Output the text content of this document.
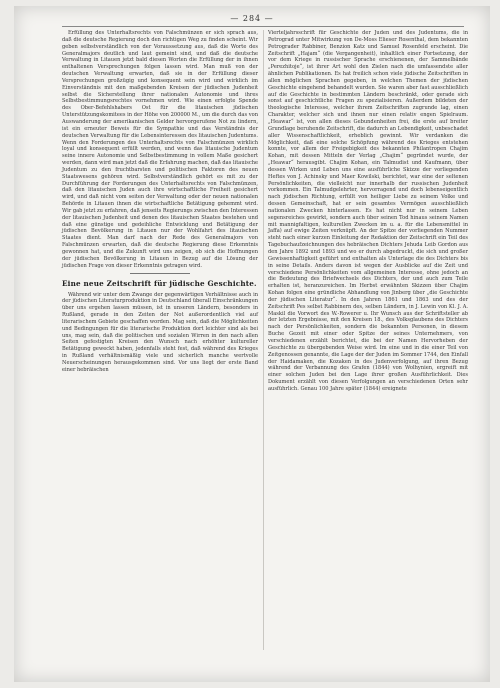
— 284 —

Erfüllung des Unterhaltsrechts von Falschmünzen er sich sprach aus, daß die deutsche Regierung doch den richtigen Weg zu finden scheint. Wir geben selbstverständlich von der Voraussetzung aus, daß die Worte des Generalmajors deutlich und laut gemeint sind, und daß die deutsche Verwaltung in Litauen jetzt bald diesen Worten die Erfüllung der in ihnen enthaltenen Versprechungen folgen lassen wird. Man muß von der deutschen Verwaltung erwarten, daß sie in der Erfüllung dieser Versprechungen großzügig und konsequent sein wird und wirklich im Einverständnis mit den maßgebenden Kreisen der jüdischen Judenheit selbst die Sicherstellung ihrer nationalen Autonomie und ihres Selbstbestimmungsrechtes vornehmen wird. Wie einen erfolgte Spende des Ober-Befehlshabers Ost für die litauischen jüdischen Unterstützungskomitees in der Höhe von 200000 M., um die durch das von Auswanderung der amerikanischen Gelder hervorgerufene Not zu lindern, ist ein erneuter Beweis für die Sympathie und das Verständnis der deutschen Verwaltung für die Lebensinteressen des litauischen Judentums. Wenn den Forderungen des Unterhaltsrechts von Falschmünzen wirklich loyal und konsequent erfüllt werden, und wenn das litauische Judentum seine innere Autonomie und Selbstbestimmung in vollem Maße gesichert werden, dann wird man jetzt daß die Erfahrung machen, daß das litauische Judentum zu den fruchtbarsten und politischen Faktoren des neuen Staatswesens gehören wird. Selbstverständlich gehört es mit zu der Durchführung der Forderungen des Unterhaltsrechts von Falschmünzen, daß den litauischen Juden auch ihre wirtschaftliche Freiheit gesichert wird, und daß nicht vom seiten der Verwaltung oder der neuen nationalen Behörde in Litauen ihnen die wirtschaftliche Betätigung gehemmt wird. Wir gab jetzt zu erfahren, daß jenseits Regierungs zwischen den Interessen der litauischen Judenheit und denen des litauischen Staates bestehen und daß eine günstige und gedeihliche Entwicklung und Betätigung der jüdischen Bevölkerung in Litauen nur der Wohlfahrt des litauischen Staates dient. Man darf nach der Rede des Generalmajors von Falschmünzen erwarten, daß die deutsche Regierung diese Erkenntnis gewonnen hat, und die Zukunft wird uns zeigen, ob sich die Hoffnungen der jüdischen Bevölkerung in Litauen in Bezug auf die Lösung der jüdischen Frage von dieser Erkenntnis getragen wird.

Eine neue Zeitschrift für jüdische Geschichte.

Während wir unter dem Zwange der gegenwärtigen Verhältnisse auch in der jüdischen Literaturproduktion in Deutschland überall Einschränkungen über uns ergehen lassen müssen, ist in unseren Ländern, besonders in Rußland, gerade in den Zeiten der Not außerordentlich viel auf literarischem Gebiete geschaffen worden. Mag sein, daß die Möglichkeiten und Bedingungen für die literarische Produktion dort leichter sind als bei uns, mag sein, daß die politischen und sozialen Wirren in den nach allen Seiten gefestigten Kreisen den Wunsch nach erhöhter kultureller Betätigung geweckt haben, jedenfalls steht fest, daß während des Krieges in Rußland verhältnismäßig viele und sicherlich manche wertvolle Neuerscheinungen herausgekommen sind. Vor uns liegt der erste Band einer hebräischen

Vierteljahrsschrift für Geschichte der Juden und des Judentums, die in Petrograd unter Mitwirkung von De-Moss Elieser Rosenthal, dem bekannten Petrograder Rabbiner, Benzion Katz und Samuel Rosenfeld erscheint. Die Zeitschrift „Hajam“ (die Vergangenheit), inhaltlich einer Fortsetzung, der vor dem Kriege in russischer Sprache erschienenen, der Sammelbände „Perezhitoje“, ist ihrer Art wohl den Zielen nach die umfassendste aller ähnlichen Publikationen. Es hat freilich schon viele jüdische Zeitschriften in allen möglichen Sprachen gegeben, in welchen Themen der jüdischen Geschichte eingehend behandelt wurden. Sie waren aber fast ausschließlich auf die Geschichte in bestimmten Ländern beschränkt, oder gerade sich sonst auf geschichtliche Fragen zu spezialisieren. Außerdem bildeten der theologische Interesse, welcher ihrem Zeitschriften zugrunde lag, einen Charakter, welcher sich und ihnen nur einen relativ engen Spielraum. „Heawar“ ist, von allen dieses Gebundenheiten frei, die erste auf breiter Grundlage beruhende Zeitschrift, die dadurch an Lebendigkeit, unbeschadet aller Wissenschaftlichkeit, erheblich gewinnt. Wir verdanken die Möglichkeit, daß eine solche Schöpfung während des Krieges entstehen konnte, vor allem der Freigebigkeit des bekannten Philantropen Chajim Kohan, mit dessen Mitteln der Verlag „Chajim“ gegründet wurde, der „Heawar“ herausgibt. Chajim Kohan, ein Talmudist und Kaufmann, über dessen Wirken und Leben uns eine ausführliche Skizze der vorliegenden Heftes von J. Achinsky und Maer Kowilski, berichtet, war eine der seltenen Persönlichkeiten, die vielleicht nur innerhalb der russischen Judenheit vorkommen. Ein Talmudgelehrter, hervorragend und doch lebenseigentlich nach jüdischen Richtung, erfüllt von heiliger Liebe zu seinem Volke und dessen Gemeinschaft, hat er sein gesamtes Vermögen ausschließlich nationalen Zwecken hinterlassen. Es hat nicht nur in seinem Leben segensreiches gewirkt, sondern auch über seinen Tod hinaus seinem Namen mit mannigfaltigen, kulturellen Zwecken im u. a. für die Lebensmittel in Jaffa) auf ewige Zeiten verknüpft. An der Spitze der vorliegenden Nummer steht nach einer kurzen Einleitung der Redaktion der Zeitschrift ein Teil des Tagebuchaufzeichnungen des hebräischen Dichters Jehuda Leib Gordon aus den Jahre 1892 und 1893 und wo er durch abgedruckt, die sich und großer Gewissenhaftigkeit geführt und enthalten als Unterlage die des Dichters bis in seine Details. Anders davon ist wegen der Ausblicke auf die Zeit und verschiedene Persönlichkeiten vom allgemeinen Interesse, ohne jedoch an die Bedeutung des Briefwechsels des Dichters, der und auch zum Teile erhalten ist, heranzureichen. Im Herbst erwähnten Skizzen über Chajim Kohan folgen eine gründliche Abhandlung von Jinberg über „die Geschichte der jüdischen Literatur“. In den Jahren 1861 und 1863 und des der Zeitschrift Pes selbst Rabbinern des, selben Ländern, in J. Lewin von Kl. J. A. Maskil die Vorwort des W.-Rowerer u. Ihr Wunsch aus der Schriftsteller ab der letzten Ergebnisse, mit den Kreisen 18., des Volksglaubens des Dichters nach der Persönlichkeiten, sondern die bekannten Personen, in diesem Buche Gezeit mit einer oder Spitze der seines Unternehmers, von verschiedenen erzählt berichtet, die bei der Namen Hervorheben der Geschichte zu übergebenden Weise wird. Im eine und in die einer Teil von Zeitgenossen genannte, die Lage der der Juden im Sommer 1744, den Einfall der Haidamaken, die Kozaken in des Judenverfolgung, auf ihren Bezug während der Verbannung des Grafen (1844) von Wolhynien, ergreift mit einer solchen Juden bei den Lage ihrer großen Ausführlichkeit. Dies Dokument erzählt von diesen Verfolgungen an verschiedenen Orten sehr ausführlich. Genau 100 Jahre später (1844) ereignete
